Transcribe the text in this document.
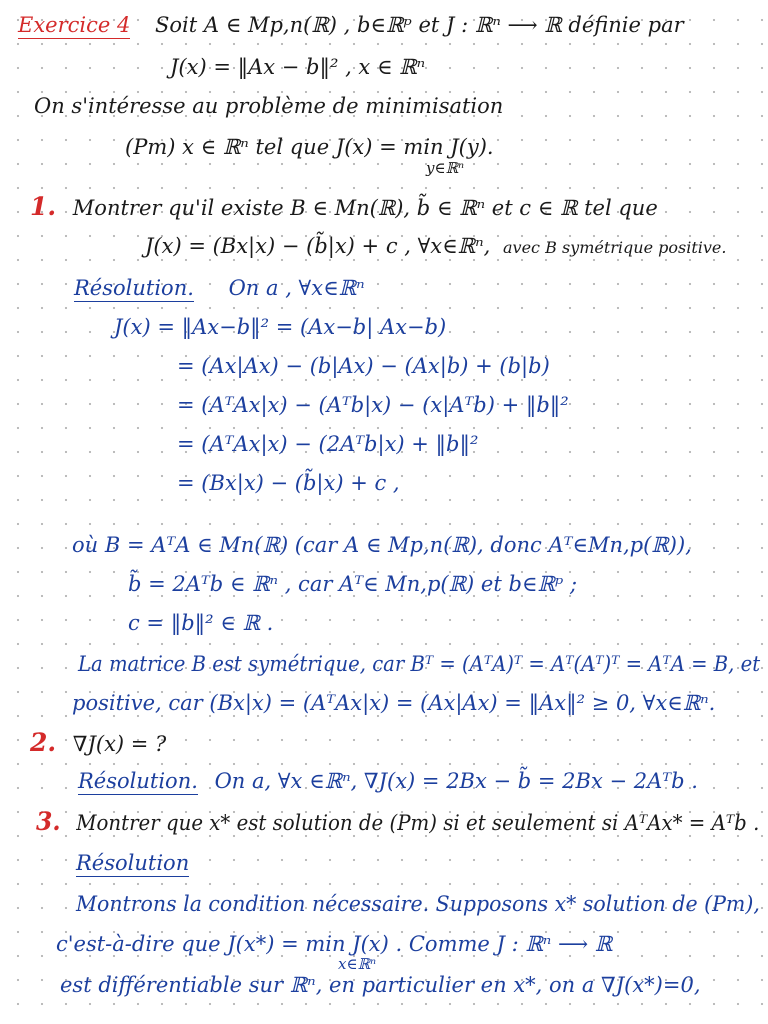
Exercice 4 Soit A ∈ Mp,n(ℝ) , b∈ℝᵖ et J : ℝⁿ ⟶ ℝ définie par
J(x) = ‖Ax − b‖² , x ∈ ℝⁿ
On s'intéresse au problème de minimisation
(Pm) x ∈ ℝⁿ tel que J(x) = min J(y).
y∈ℝⁿ
1. Montrer qu'il existe B ∈ Mn(ℝ), b̃ ∈ ℝⁿ et c ∈ ℝ tel que
J(x) = (Bx|x) − (b̃|x) + c , ∀x∈ℝⁿ, avec B symétrique positive.
Résolution. On a , ∀x∈ℝⁿ
J(x) = ‖Ax−b‖² = (Ax−b| Ax−b)
= (Ax|Ax) − (b|Ax) − (Ax|b) + (b|b)
= (AᵀAx|x) − (Aᵀb|x) − (x|Aᵀb) + ‖b‖²
= (AᵀAx|x) − (2Aᵀb|x) + ‖b‖²
= (Bx|x) − (b̃|x) + c ,
où B = AᵀA ∈ Mn(ℝ) (car A ∈ Mp,n(ℝ), donc Aᵀ∈Mn,p(ℝ)),
b̃ = 2Aᵀb ∈ ℝⁿ , car Aᵀ∈ Mn,p(ℝ) et b∈ℝᵖ ;
c = ‖b‖² ∈ ℝ .
La matrice B est symétrique, car Bᵀ = (AᵀA)ᵀ = Aᵀ(Aᵀ)ᵀ = AᵀA = B, et
positive, car (Bx|x) = (AᵀAx|x) = (Ax|Ax) = ‖Ax‖² ≥ 0, ∀x∈ℝⁿ.
2. ∇J(x) = ?
Résolution. On a, ∀x ∈ℝⁿ, ∇J(x) = 2Bx − b̃ = 2Bx − 2Aᵀb .
3. Montrer que x* est solution de (Pm) si et seulement si AᵀAx* = Aᵀb .
Résolution
Montrons la condition nécessaire. Supposons x* solution de (Pm),
c'est-à-dire que J(x*) = min J(x) . Comme J : ℝⁿ ⟶ ℝ
x∈ℝⁿ
est différentiable sur ℝⁿ, en particulier en x*, on a ∇J(x*)=0,
